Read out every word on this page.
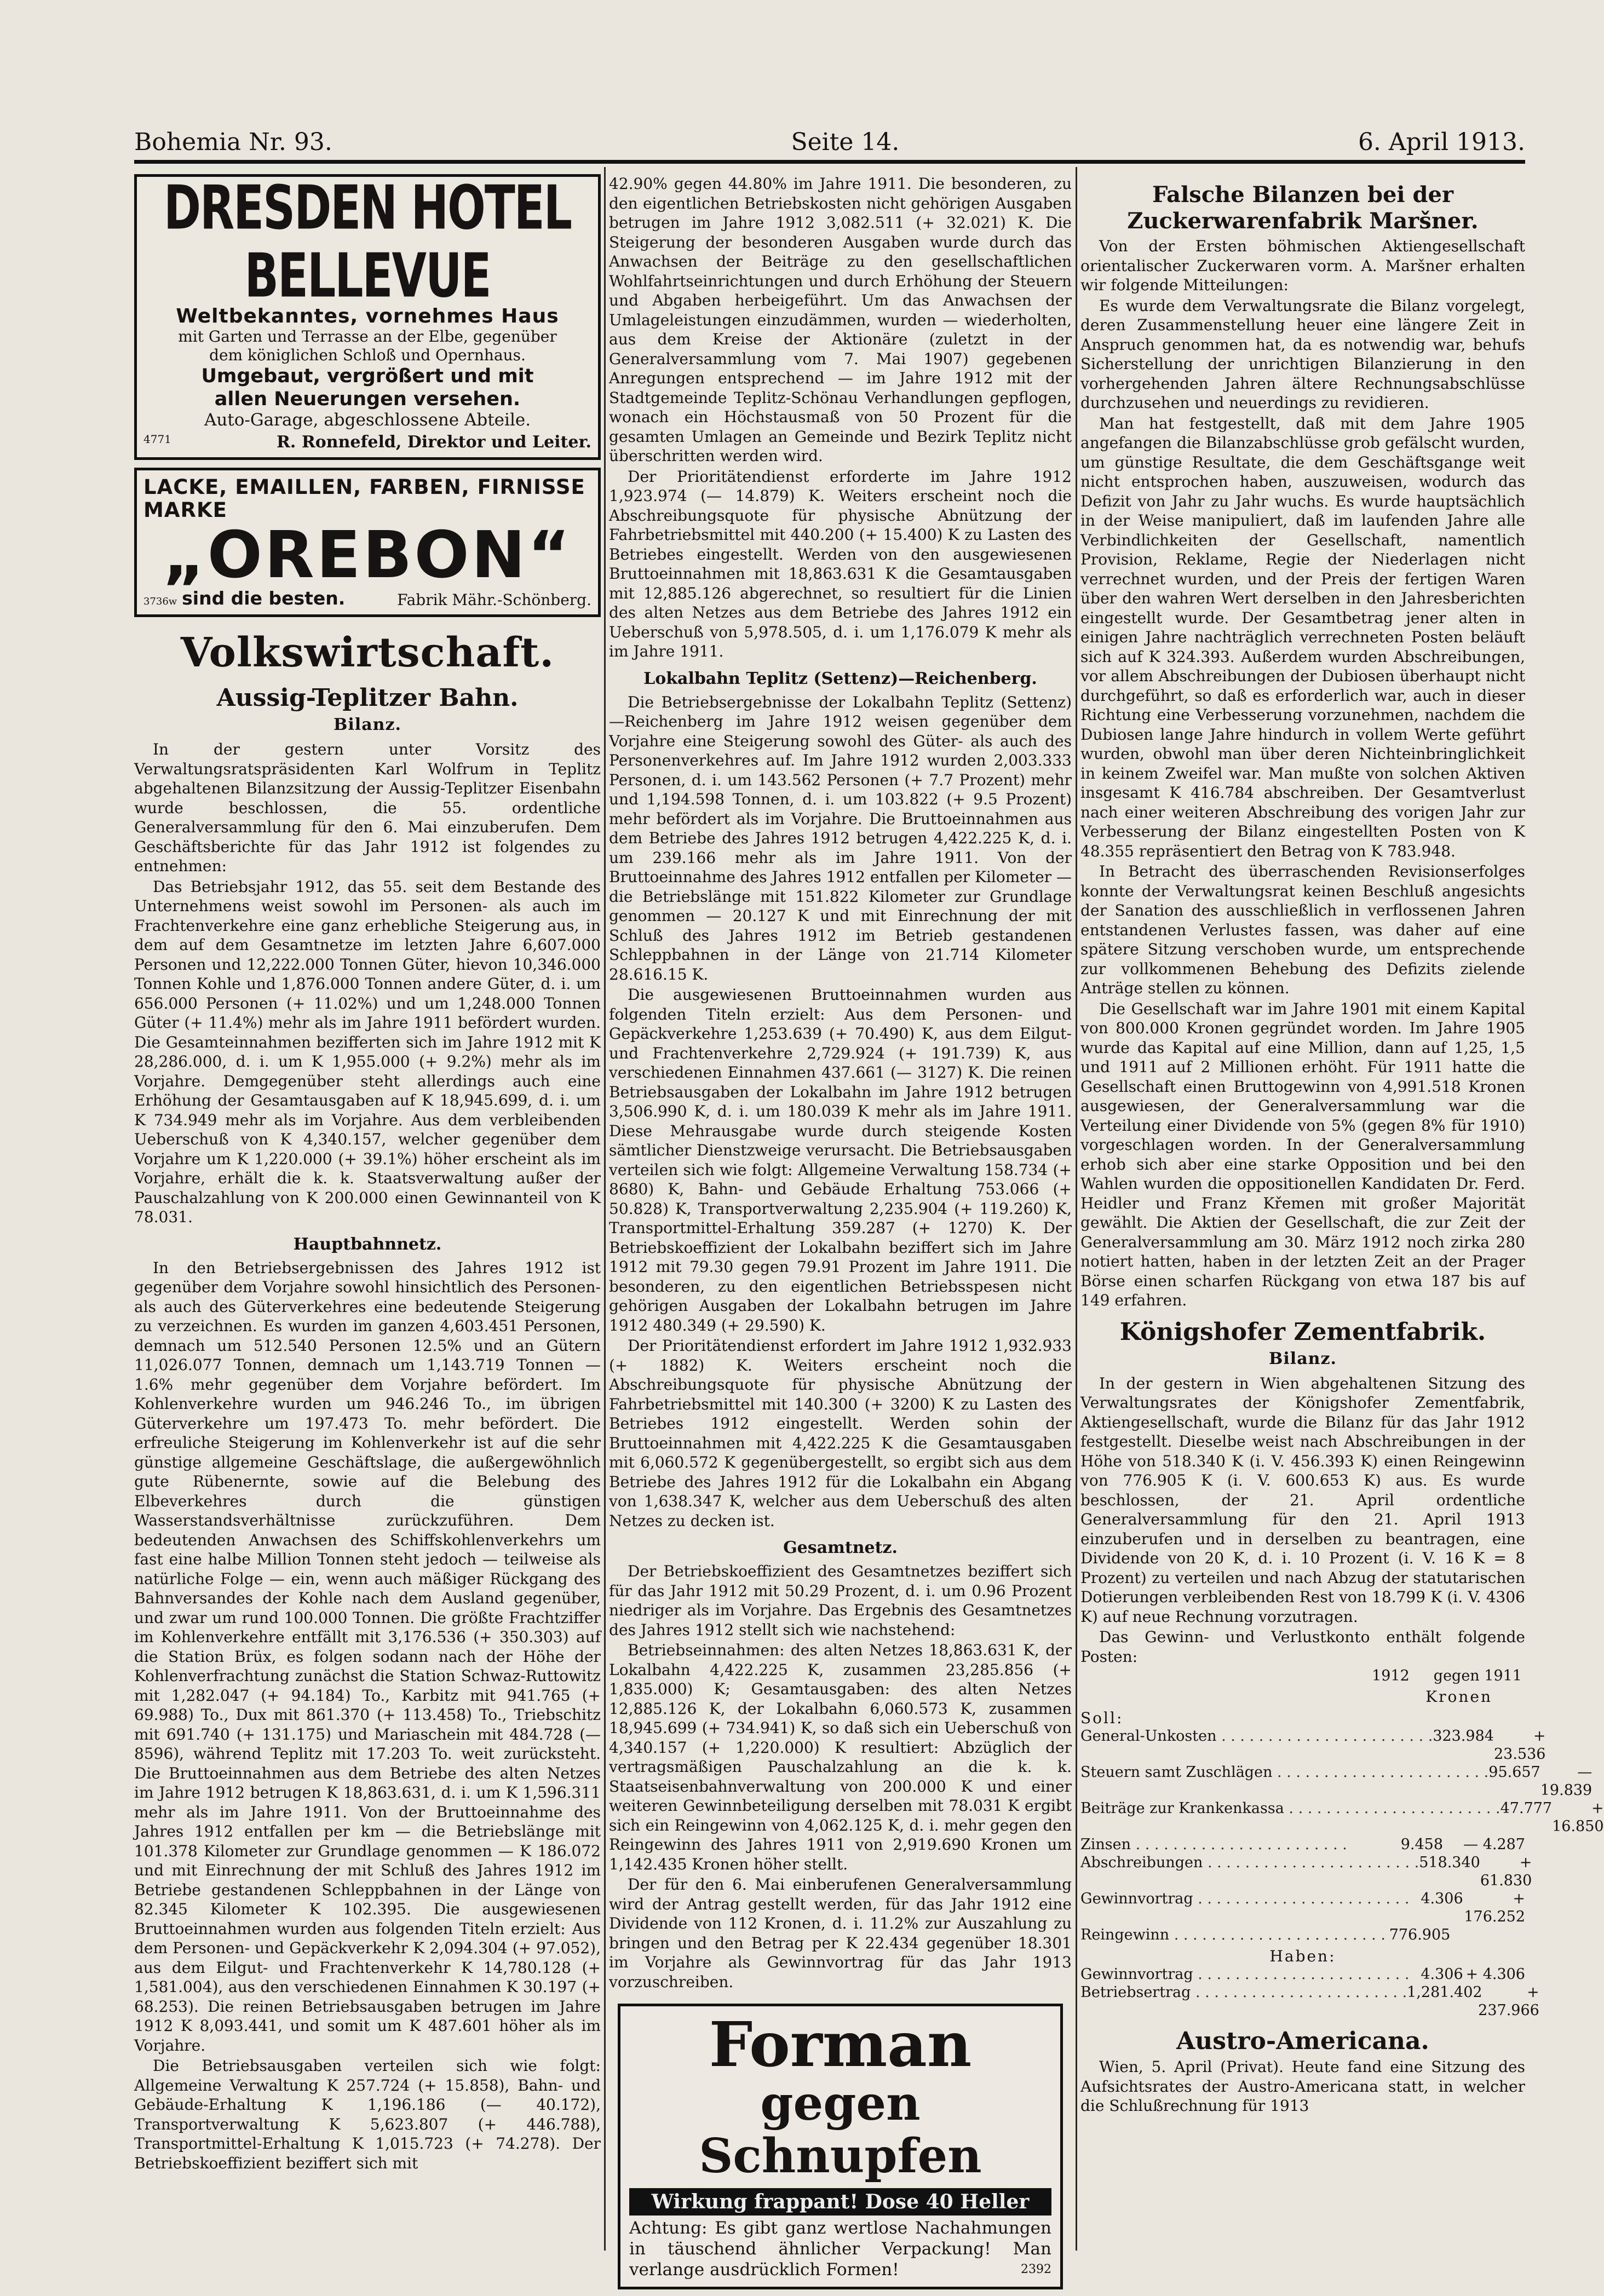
Bohemia Nr. 93.	Seite 14.	6. April 1913.
DRESDEN HOTEL BELLEVUE
Weltbekanntes, vornehmes Haus
mit Garten und Terrasse an der Elbe, gegenüber
dem königlichen Schloß und Opernhaus.
Umgebaut, vergrößert und mit
allen Neuerungen versehen.
Auto-Garage, abgeschlossene Abteile.
4771	R. Ronnefeld, Direktor und Leiter.
LACKE, EMAILLEN, FARBEN, FIRNISSE
MARKE
„OREBON“
3736w sind die besten.	Fabrik Mähr.-Schönberg.
Volkswirtschaft.
Aussig-Teplitzer Bahn.
Bilanz.

In der gestern unter Vorsitz des Verwaltungsratspräsidenten Karl Wolfrum in Teplitz abgehaltenen Bilanzsitzung der Aussig-Teplitzer Eisenbahn wurde beschlossen, die 55. ordentliche Generalversammlung für den 6. Mai einzuberufen. Dem Geschäftsberichte für das Jahr 1912 ist folgendes zu entnehmen:

Das Betriebsjahr 1912, das 55. seit dem Bestande des Unternehmens weist sowohl im Personen- als auch im Frachtenverkehre eine ganz erhebliche Steigerung aus, in dem auf dem Gesamtnetze im letzten Jahre 6,607.000 Personen und 12,222.000 Tonnen Güter, hievon 10,346.000 Tonnen Kohle und 1,876.000 Tonnen andere Güter, d. i. um 656.000 Personen (+ 11.02%) und um 1,248.000 Tonnen Güter (+ 11.4%) mehr als im Jahre 1911 befördert wurden. Die Gesamteinnahmen bezifferten sich im Jahre 1912 mit K 28,286.000, d. i. um K 1,955.000 (+ 9.2%) mehr als im Vorjahre. Demgegenüber steht allerdings auch eine Erhöhung der Gesamtausgaben auf K 18,945.699, d. i. um K 734.949 mehr als im Vorjahre. Aus dem verbleibenden Ueberschuß von K 4,340.157, welcher gegenüber dem Vorjahre um K 1,220.000 (+ 39.1%) höher erscheint als im Vorjahre, erhält die k. k. Staatsverwaltung außer der Pauschalzahlung von K 200.000 einen Gewinnanteil von K 78.031.

Hauptbahnnetz.

In den Betriebsergebnissen des Jahres 1912 ist gegenüber dem Vorjahre sowohl hinsichtlich des Personen- als auch des Güterverkehres eine bedeutende Steigerung zu verzeichnen. Es wurden im ganzen 4,603.451 Personen, demnach um 512.540 Personen 12.5% und an Gütern 11,026.077 Tonnen, demnach um 1,143.719 Tonnen — 1.6% mehr gegenüber dem Vorjahre befördert. Im Kohlenverkehre wurden um 946.246 To., im übrigen Güterverkehre um 197.473 To. mehr befördert. Die erfreuliche Steigerung im Kohlenverkehr ist auf die sehr günstige allgemeine Geschäftslage, die außergewöhnlich gute Rübenernte, sowie auf die Belebung des Elbeverkehres durch die günstigen Wasserstandsverhältnisse zurückzuführen. Dem bedeutenden Anwachsen des Schiffskohlenverkehrs um fast eine halbe Million Tonnen steht jedoch — teilweise als natürliche Folge — ein, wenn auch mäßiger Rückgang des Bahnversandes der Kohle nach dem Ausland gegenüber, und zwar um rund 100.000 Tonnen. Die größte Frachtziffer im Kohlenverkehre entfällt mit 3,176.536 (+ 350.303) auf die Station Brüx, es folgen sodann nach der Höhe der Kohlenverfrachtung zunächst die Station Schwaz-Ruttowitz mit 1,282.047 (+ 94.184) To., Karbitz mit 941.765 (+ 69.988) To., Dux mit 861.370 (+ 113.458) To., Triebschitz mit 691.740 (+ 131.175) und Mariaschein mit 484.728 (— 8596), während Teplitz mit 17.203 To. weit zurücksteht. Die Bruttoeinnahmen aus dem Betriebe des alten Netzes im Jahre 1912 betrugen K 18,863.631, d. i. um K 1,596.311 mehr als im Jahre 1911. Von der Bruttoeinnahme des Jahres 1912 entfallen per km — die Betriebslänge mit 101.378 Kilometer zur Grundlage genommen — K 186.072 und mit Einrechnung der mit Schluß des Jahres 1912 im Betriebe gestandenen Schleppbahnen in der Länge von 82.345 Kilometer K 102.395. Die ausgewiesenen Bruttoeinnahmen wurden aus folgenden Titeln erzielt: Aus dem Personen- und Gepäckverkehr K 2,094.304 (+ 97.052), aus dem Eilgut- und Frachtenverkehr K 14,780.128 (+ 1,581.004), aus den verschiedenen Einnahmen K 30.197 (+ 68.253). Die reinen Betriebsausgaben betrugen im Jahre 1912 K 8,093.441, und somit um K 487.601 höher als im Vorjahre.

Die Betriebsausgaben verteilen sich wie folgt: Allgemeine Verwaltung K 257.724 (+ 15.858), Bahn- und Gebäude-Erhaltung K 1,196.186 (— 40.172), Transportverwaltung K 5,623.807 (+ 446.788), Transportmittel-Erhaltung K 1,015.723 (+ 74.278). Der Betriebskoeffizient beziffert sich mit

42.90% gegen 44.80% im Jahre 1911. Die besonderen, zu den eigentlichen Betriebskosten nicht gehörigen Ausgaben betrugen im Jahre 1912 3,082.511 (+ 32.021) K. Die Steigerung der besonderen Ausgaben wurde durch das Anwachsen der Beiträge zu den gesellschaftlichen Wohlfahrtseinrichtungen und durch Erhöhung der Steuern und Abgaben herbeigeführt. Um das Anwachsen der Umlageleistungen einzudämmen, wurden — wiederholten, aus dem Kreise der Aktionäre (zuletzt in der Generalversammlung vom 7. Mai 1907) gegebenen Anregungen entsprechend — im Jahre 1912 mit der Stadtgemeinde Teplitz-Schönau Verhandlungen gepflogen, wonach ein Höchstausmaß von 50 Prozent für die gesamten Umlagen an Gemeinde und Bezirk Teplitz nicht überschritten werden wird.

Der Prioritätendienst erforderte im Jahre 1912 1,923.974 (— 14.879) K. Weiters erscheint noch die Abschreibungsquote für physische Abnützung der Fahrbetriebsmittel mit 440.200 (+ 15.400) K zu Lasten des Betriebes eingestellt. Werden von den ausgewiesenen Bruttoeinnahmen mit 18,863.631 K die Gesamtausgaben mit 12,885.126 abgerechnet, so resultiert für die Linien des alten Netzes aus dem Betriebe des Jahres 1912 ein Ueberschuß von 5,978.505, d. i. um 1,176.079 K mehr als im Jahre 1911.

Lokalbahn Teplitz (Settenz)—Reichenberg.

Die Betriebsergebnisse der Lokalbahn Teplitz (Settenz)—Reichenberg im Jahre 1912 weisen gegenüber dem Vorjahre eine Steigerung sowohl des Güter- als auch des Personenverkehres auf. Im Jahre 1912 wurden 2,003.333 Personen, d. i. um 143.562 Personen (+ 7.7 Prozent) mehr und 1,194.598 Tonnen, d. i. um 103.822 (+ 9.5 Prozent) mehr befördert als im Vorjahre. Die Bruttoeinnahmen aus dem Betriebe des Jahres 1912 betrugen 4,422.225 K, d. i. um 239.166 mehr als im Jahre 1911. Von der Bruttoeinnahme des Jahres 1912 entfallen per Kilometer — die Betriebslänge mit 151.822 Kilometer zur Grundlage genommen — 20.127 K und mit Einrechnung der mit Schluß des Jahres 1912 im Betrieb gestandenen Schleppbahnen in der Länge von 21.714 Kilometer 28.616.15 K.

Die ausgewiesenen Bruttoeinnahmen wurden aus folgenden Titeln erzielt: Aus dem Personen- und Gepäckverkehre 1,253.639 (+ 70.490) K, aus dem Eilgut- und Frachtenverkehre 2,729.924 (+ 191.739) K, aus verschiedenen Einnahmen 437.661 (— 3127) K. Die reinen Betriebsausgaben der Lokalbahn im Jahre 1912 betrugen 3,506.990 K, d. i. um 180.039 K mehr als im Jahre 1911. Diese Mehrausgabe wurde durch steigende Kosten sämtlicher Dienstzweige verursacht. Die Betriebsausgaben verteilen sich wie folgt: Allgemeine Verwaltung 158.734 (+ 8680) K, Bahn- und Gebäude Erhaltung 753.066 (+ 50.828) K, Transportverwaltung 2,235.904 (+ 119.260) K, Transportmittel-Erhaltung 359.287 (+ 1270) K. Der Betriebskoeffizient der Lokalbahn beziffert sich im Jahre 1912 mit 79.30 gegen 79.91 Prozent im Jahre 1911. Die besonderen, zu den eigentlichen Betriebsspesen nicht gehörigen Ausgaben der Lokalbahn betrugen im Jahre 1912 480.349 (+ 29.590) K.

Der Prioritätendienst erfordert im Jahre 1912 1,932.933 (+ 1882) K. Weiters erscheint noch die Abschreibungsquote für physische Abnützung der Fahrbetriebsmittel mit 140.300 (+ 3200) K zu Lasten des Betriebes 1912 eingestellt. Werden sohin der Bruttoeinnahmen mit 4,422.225 K die Gesamtausgaben mit 6,060.572 K gegenübergestellt, so ergibt sich aus dem Betriebe des Jahres 1912 für die Lokalbahn ein Abgang von 1,638.347 K, welcher aus dem Ueberschuß des alten Netzes zu decken ist.

Gesamtnetz.

Der Betriebskoeffizient des Gesamtnetzes beziffert sich für das Jahr 1912 mit 50.29 Prozent, d. i. um 0.96 Prozent niedriger als im Vorjahre. Das Ergebnis des Gesamtnetzes des Jahres 1912 stellt sich wie nachstehend:

Betriebseinnahmen: des alten Netzes 18,863.631 K, der Lokalbahn 4,422.225 K, zusammen 23,285.856 (+ 1,835.000) K; Gesamtausgaben: des alten Netzes 12,885.126 K, der Lokalbahn 6,060.573 K, zusammen 18,945.699 (+ 734.941) K, so daß sich ein Ueberschuß von 4,340.157 (+ 1,220.000) K resultiert: Abzüglich der vertragsmäßigen Pauschalzahlung an die k. k. Staatseisenbahnverwaltung von 200.000 K und einer weiteren Gewinnbeteiligung derselben mit 78.031 K ergibt sich ein Reingewinn von 4,062.125 K, d. i. mehr gegen den Reingewinn des Jahres 1911 von 2,919.690 Kronen um 1,142.435 Kronen höher stellt.

Der für den 6. Mai einberufenen Generalversammlung wird der Antrag gestellt werden, für das Jahr 1912 eine Dividende von 112 Kronen, d. i. 11.2% zur Auszahlung zu bringen und den Betrag per K 22.434 gegenüber 18.301 im Vorjahre als Gewinnvortrag für das Jahr 1913 vorzuschreiben.

Forman
gegen Schnupfen
Wirkung frappant! Dose 40 Heller
Achtung: Es gibt ganz wertlose Nachahmungen in täuschend ähnlicher Verpackung! Man verlange ausdrücklich Formen!	2392
Falsche Bilanzen bei der Zuckerwarenfabrik Maršner.

Von der Ersten böhmischen Aktiengesellschaft orientalischer Zuckerwaren vorm. A. Maršner erhalten wir folgende Mitteilungen:

Es wurde dem Verwaltungsrate die Bilanz vorgelegt, deren Zusammenstellung heuer eine längere Zeit in Anspruch genommen hat, da es notwendig war, behufs Sicherstellung der unrichtigen Bilanzierung in den vorhergehenden Jahren ältere Rechnungsabschlüsse durchzusehen und neuerdings zu revidieren.

Man hat festgestellt, daß mit dem Jahre 1905 angefangen die Bilanzabschlüsse grob gefälscht wurden, um günstige Resultate, die dem Geschäftsgange weit nicht entsprochen haben, auszuweisen, wodurch das Defizit von Jahr zu Jahr wuchs. Es wurde hauptsächlich in der Weise manipuliert, daß im laufenden Jahre alle Verbindlichkeiten der Gesellschaft, namentlich Provision, Reklame, Regie der Niederlagen nicht verrechnet wurden, und der Preis der fertigen Waren über den wahren Wert derselben in den Jahresberichten eingestellt wurde. Der Gesamtbetrag jener alten in einigen Jahre nachträglich verrechneten Posten beläuft sich auf K 324.393. Außerdem wurden Abschreibungen, vor allem Abschreibungen der Dubiosen überhaupt nicht durchgeführt, so daß es erforderlich war, auch in dieser Richtung eine Verbesserung vorzunehmen, nachdem die Dubiosen lange Jahre hindurch in vollem Werte geführt wurden, obwohl man über deren Nichteinbringlichkeit in keinem Zweifel war. Man mußte von solchen Aktiven insgesamt K 416.784 abschreiben. Der Gesamtverlust nach einer weiteren Abschreibung des vorigen Jahr zur Verbesserung der Bilanz eingestellten Posten von K 48.355 repräsentiert den Betrag von K 783.948.

In Betracht des überraschenden Revisionserfolges konnte der Verwaltungsrat keinen Beschluß angesichts der Sanation des ausschließlich in verflossenen Jahren entstandenen Verlustes fassen, was daher auf eine spätere Sitzung verschoben wurde, um entsprechende zur vollkommenen Behebung des Defizits zielende Anträge stellen zu können.

Die Gesellschaft war im Jahre 1901 mit einem Kapital von 800.000 Kronen gegründet worden. Im Jahre 1905 wurde das Kapital auf eine Million, dann auf 1,25, 1,5 und 1911 auf 2 Millionen erhöht. Für 1911 hatte die Gesellschaft einen Bruttogewinn von 4,991.518 Kronen ausgewiesen, der Generalversammlung war die Verteilung einer Dividende von 5% (gegen 8% für 1910) vorgeschlagen worden. In der Generalversammlung erhob sich aber eine starke Opposition und bei den Wahlen wurden die oppositionellen Kandidaten Dr. Ferd. Heidler und Franz Křemen mit großer Majorität gewählt. Die Aktien der Gesellschaft, die zur Zeit der Generalversammlung am 30. März 1912 noch zirka 280 notiert hatten, haben in der letzten Zeit an der Prager Börse einen scharfen Rückgang von etwa 187 bis auf 149 erfahren.

Königshofer Zementfabrik.
Bilanz.

In der gestern in Wien abgehaltenen Sitzung des Verwaltungsrates der Königshofer Zementfabrik, Aktiengesellschaft, wurde die Bilanz für das Jahr 1912 festgestellt. Dieselbe weist nach Abschreibungen in der Höhe von 518.340 K (i. V. 456.393 K) einen Reingewinn von 776.905 K (i. V. 600.653 K) aus. Es wurde beschlossen, der 21. April ordentliche Generalversammlung für den 21. April 1913 einzuberufen und in derselben zu beantragen, eine Dividende von 20 K, d. i. 10 Prozent (i. V. 16 K = 8 Prozent) zu verteilen und nach Abzug der statutarischen Dotierungen verbleibenden Rest von 18.799 K (i. V. 4306 K) auf neue Rechnung vorzutragen.

Das Gewinn- und Verlustkonto enthält folgende Posten:

1912 gegen 1911
Kronen
Soll:
General-Unkosten . . .	323.984	+ 23.536
Steuern samt Zuschlägen . . .	95.657	— 19.839
Beiträge zur Krankenkassa . . .	47.777	+ 16.850
Zinsen . . .	9.458	— 4.287
Abschreibungen . . .	518.340	+ 61.830
Gewinnvortrag . . .	4.306	+ 176.252
Reingewinn . . .	776.905
Haben:
Gewinnvortrag . . .	4.306 + 4.306
Betriebsertrag . . .	1,281.402	+ 237.966
Austro-Americana.

Wien, 5. April (Privat). Heute fand eine Sitzung des Aufsichtsrates der Austro-Americana statt, in welcher die Schlußrechnung für 1913
